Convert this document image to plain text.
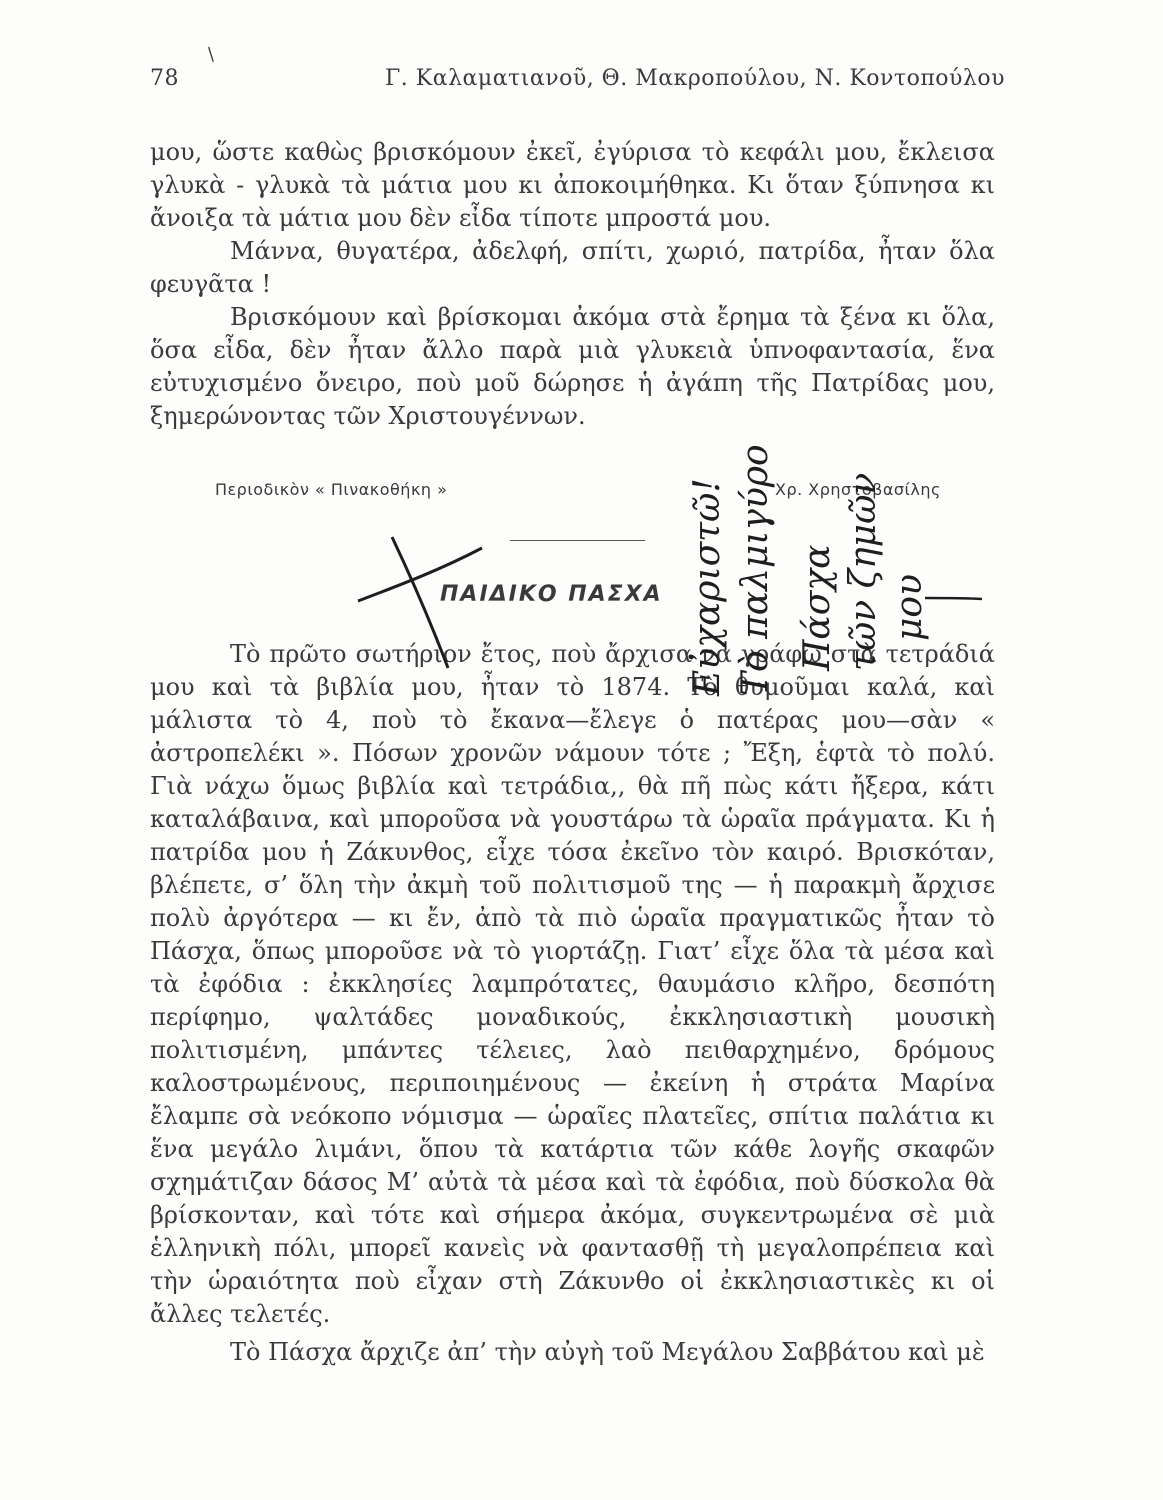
78	Γ. Καλαματιανοῦ, Θ. Μακροπούλου, Ν. Κοντοπούλου
/

μου, ὥστε καθὼς βρισκόμουν ἐκεῖ, ἐγύρισα τὸ κεφάλι μου, ἔκλεισα γλυκὰ - γλυκὰ τὰ μάτια μου κι ἀποκοιμήθηκα. Κι ὅταν ξύπνησα κι ἄνοιξα τὰ μάτια μου δὲν εἶδα τίποτε μπροστά μου.

Μάννα, θυγατέρα, ἀδελφή, σπίτι, χωριό, πατρίδα, ἦταν ὅλα φευγᾶτα !

Βρισκόμουν καὶ βρίσκομαι ἀκόμα στὰ ἔρημα τὰ ξένα κι ὅλα, ὅσα εἶδα, δὲν ἦταν ἄλλο παρὰ μιὰ γλυκειὰ ὑπνοφαντασία, ἕνα εὐτυχισμένο ὄνειρο, ποὺ μοῦ δώρησε ἡ ἀγάπη τῆς Πατρίδας μου, ξημερώνοντας τῶν Χριστουγέννων.

Περιοδικὸν « Πινακοθήκη »	Χρ. Χρηστοβασίλης
ΠΑΙΔΙΚΟ ΠΑΣΧΑ

Τὸ πρῶτο σωτήριον ἔτος, ποὺ ἄρχισα νὰ γράφω στὰ τετράδιά μου καὶ τὰ βιβλία μου, ἦταν τὸ 1874. Τὸ θυμοῦμαι καλά, καὶ μάλιστα τὸ 4, ποὺ τὸ ἔκανα—ἔλεγε ὁ πατέρας μου—σὰν « ἀστροπελέκι ». Πόσων χρονῶν νάμουν τότε ; Ἔξη, ἑφτὰ τὸ πολύ. Γιὰ νάχω ὅμως βιβλία καὶ τετράδια,, θὰ πῆ πὼς κάτι ἤξερα, κάτι καταλάβαινα, καὶ μποροῦσα νὰ γουστάρω τὰ ὡραῖα πράγματα. Κι ἡ πατρίδα μου ἡ Ζάκυνθος, εἶχε τόσα ἐκεῖνο τὸν καιρό. Βρισκόταν, βλέπετε, σ’ ὅλη τὴν ἀκμὴ τοῦ πολιτισμοῦ της — ἡ παρακμὴ ἄρχισε πολὺ ἀργότερα — κι ἔν, ἀπὸ τὰ πιὸ ὡραῖα πραγματικῶς ἦταν τὸ Πάσχα, ὅπως μποροῦσε νὰ τὸ γιορτάζῃ. Γιατ’ εἶχε ὅλα τὰ μέσα καὶ τὰ ἐφόδια : ἐκκλησίες λαμπρότατες, θαυμάσιο κλῆρο, δεσπότη περίφημο, ψαλτάδες μοναδικούς, ἐκκλησιαστικὴ μουσικὴ πολιτισμένη, μπάντες τέλειες, λαὸ πειθαρχημένο, δρόμους καλοστρωμένους, περιποιημένους — ἐκείνη ἡ στράτα Μαρίνα ἔλαμπε σὰ νεόκοπο νόμισμα — ὡραῖες πλατεῖες, σπίτια παλάτια κι ἕνα μεγάλο λιμάνι, ὅπου τὰ κατάρτια τῶν κάθε λογῆς σκαφῶν σχημάτιζαν δάσος Μ’ αὐτὰ τὰ μέσα καὶ τὰ ἐφόδια, ποὺ δύσκολα θὰ βρίσκονταν, καὶ τότε καὶ σήμερα ἀκόμα, συγκεντρωμένα σὲ μιὰ ἑλληνικὴ πόλι, μπορεῖ κανεὶς νὰ φαντασθῇ τὴ μεγαλοπρέπεια καὶ τὴν ὡραιότητα ποὺ εἶχαν στὴ Ζάκυνθο οἱ ἐκκλησιαστικὲς κι οἱ ἄλλες τελετές.

Τὸ Πάσχα ἄρχιζε ἀπ’ τὴν αὐγὴ τοῦ Μεγάλου Σαββάτου καὶ μὲ

Εὐχαριστῶ! Τὸ παλμιγύρο Πάσχα τῶν ζημῶν μου
